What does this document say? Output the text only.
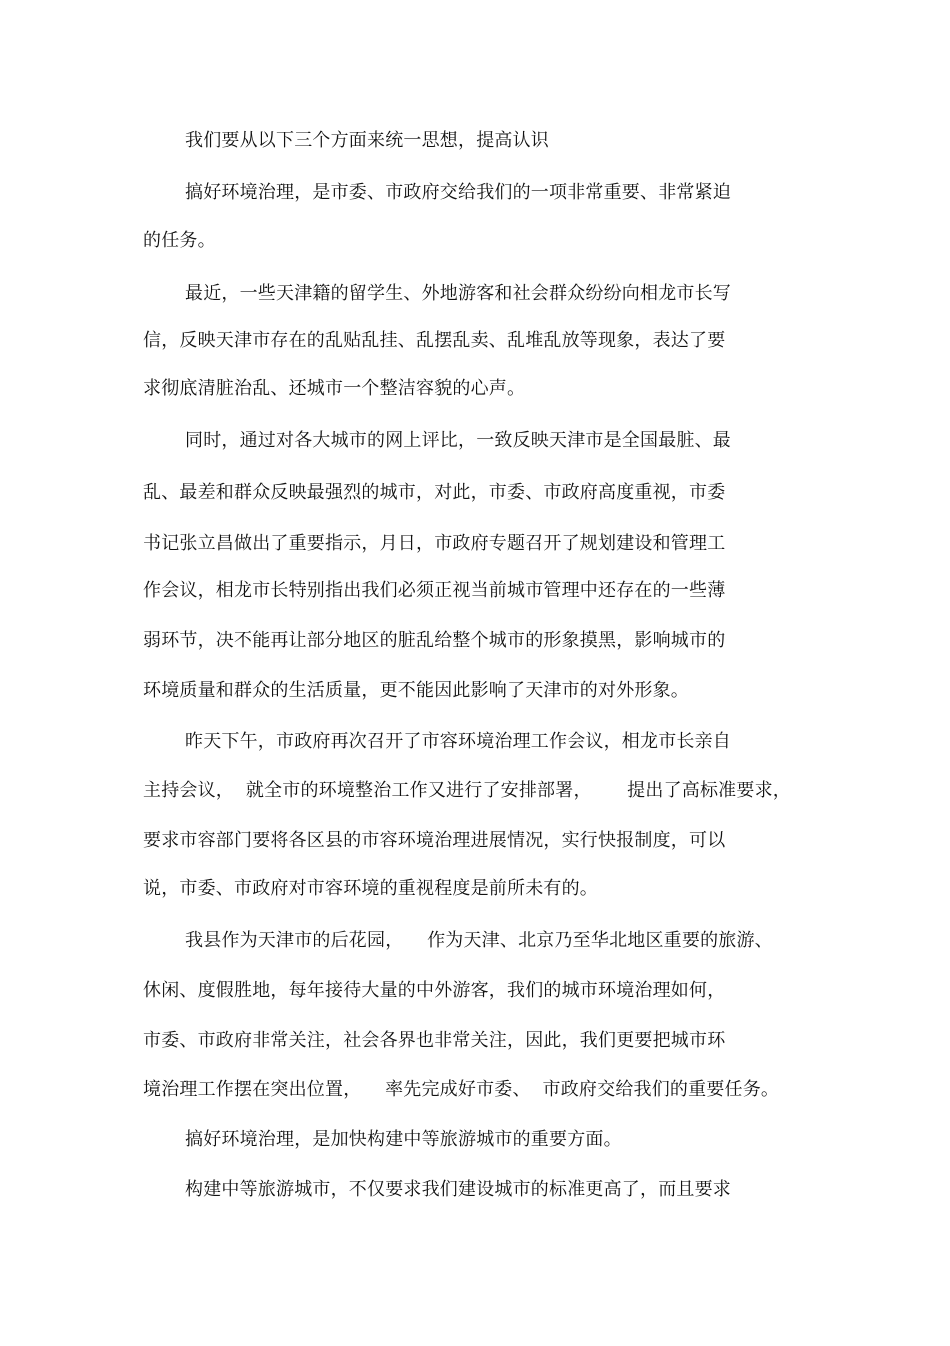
我们要从以下三个方面来统一思想，提高认识
搞好环境治理，是市委、市政府交给我们的一项非常重要、非常紧迫
的任务。
最近，一些天津籍的留学生、外地游客和社会群众纷纷向相龙市长写
信，反映天津市存在的乱贴乱挂、乱摆乱卖、乱堆乱放等现象，表达了要
求彻底清脏治乱、还城市一个整洁容貌的心声。
同时，通过对各大城市的网上评比，一致反映天津市是全国最脏、最
乱、最差和群众反映最强烈的城市，对此，市委、市政府高度重视，市委
书记张立昌做出了重要指示，月日，市政府专题召开了规划建设和管理工
作会议，相龙市长特别指出我们必须正视当前城市管理中还存在的一些薄
弱环节，决不能再让部分地区的脏乱给整个城市的形象摸黑，影响城市的
环境质量和群众的生活质量，更不能因此影响了天津市的对外形象。
昨天下午，市政府再次召开了市容环境治理工作会议，相龙市长亲自
主持会议，  就全市的环境整治工作又进行了安排部署，      提出了高标准要求，
要求市容部门要将各区县的市容环境治理进展情况，实行快报制度，可以
说，市委、市政府对市容环境的重视程度是前所未有的。
我县作为天津市的后花园，    作为天津、北京乃至华北地区重要的旅游、
休闲、度假胜地，每年接待大量的中外游客，我们的城市环境治理如何，
市委、市政府非常关注，社会各界也非常关注，因此，我们更要把城市环
境治理工作摆在突出位置，    率先完成好市委、  市政府交给我们的重要任务。
搞好环境治理，是加快构建中等旅游城市的重要方面。
构建中等旅游城市，不仅要求我们建设城市的标准更高了，而且要求
